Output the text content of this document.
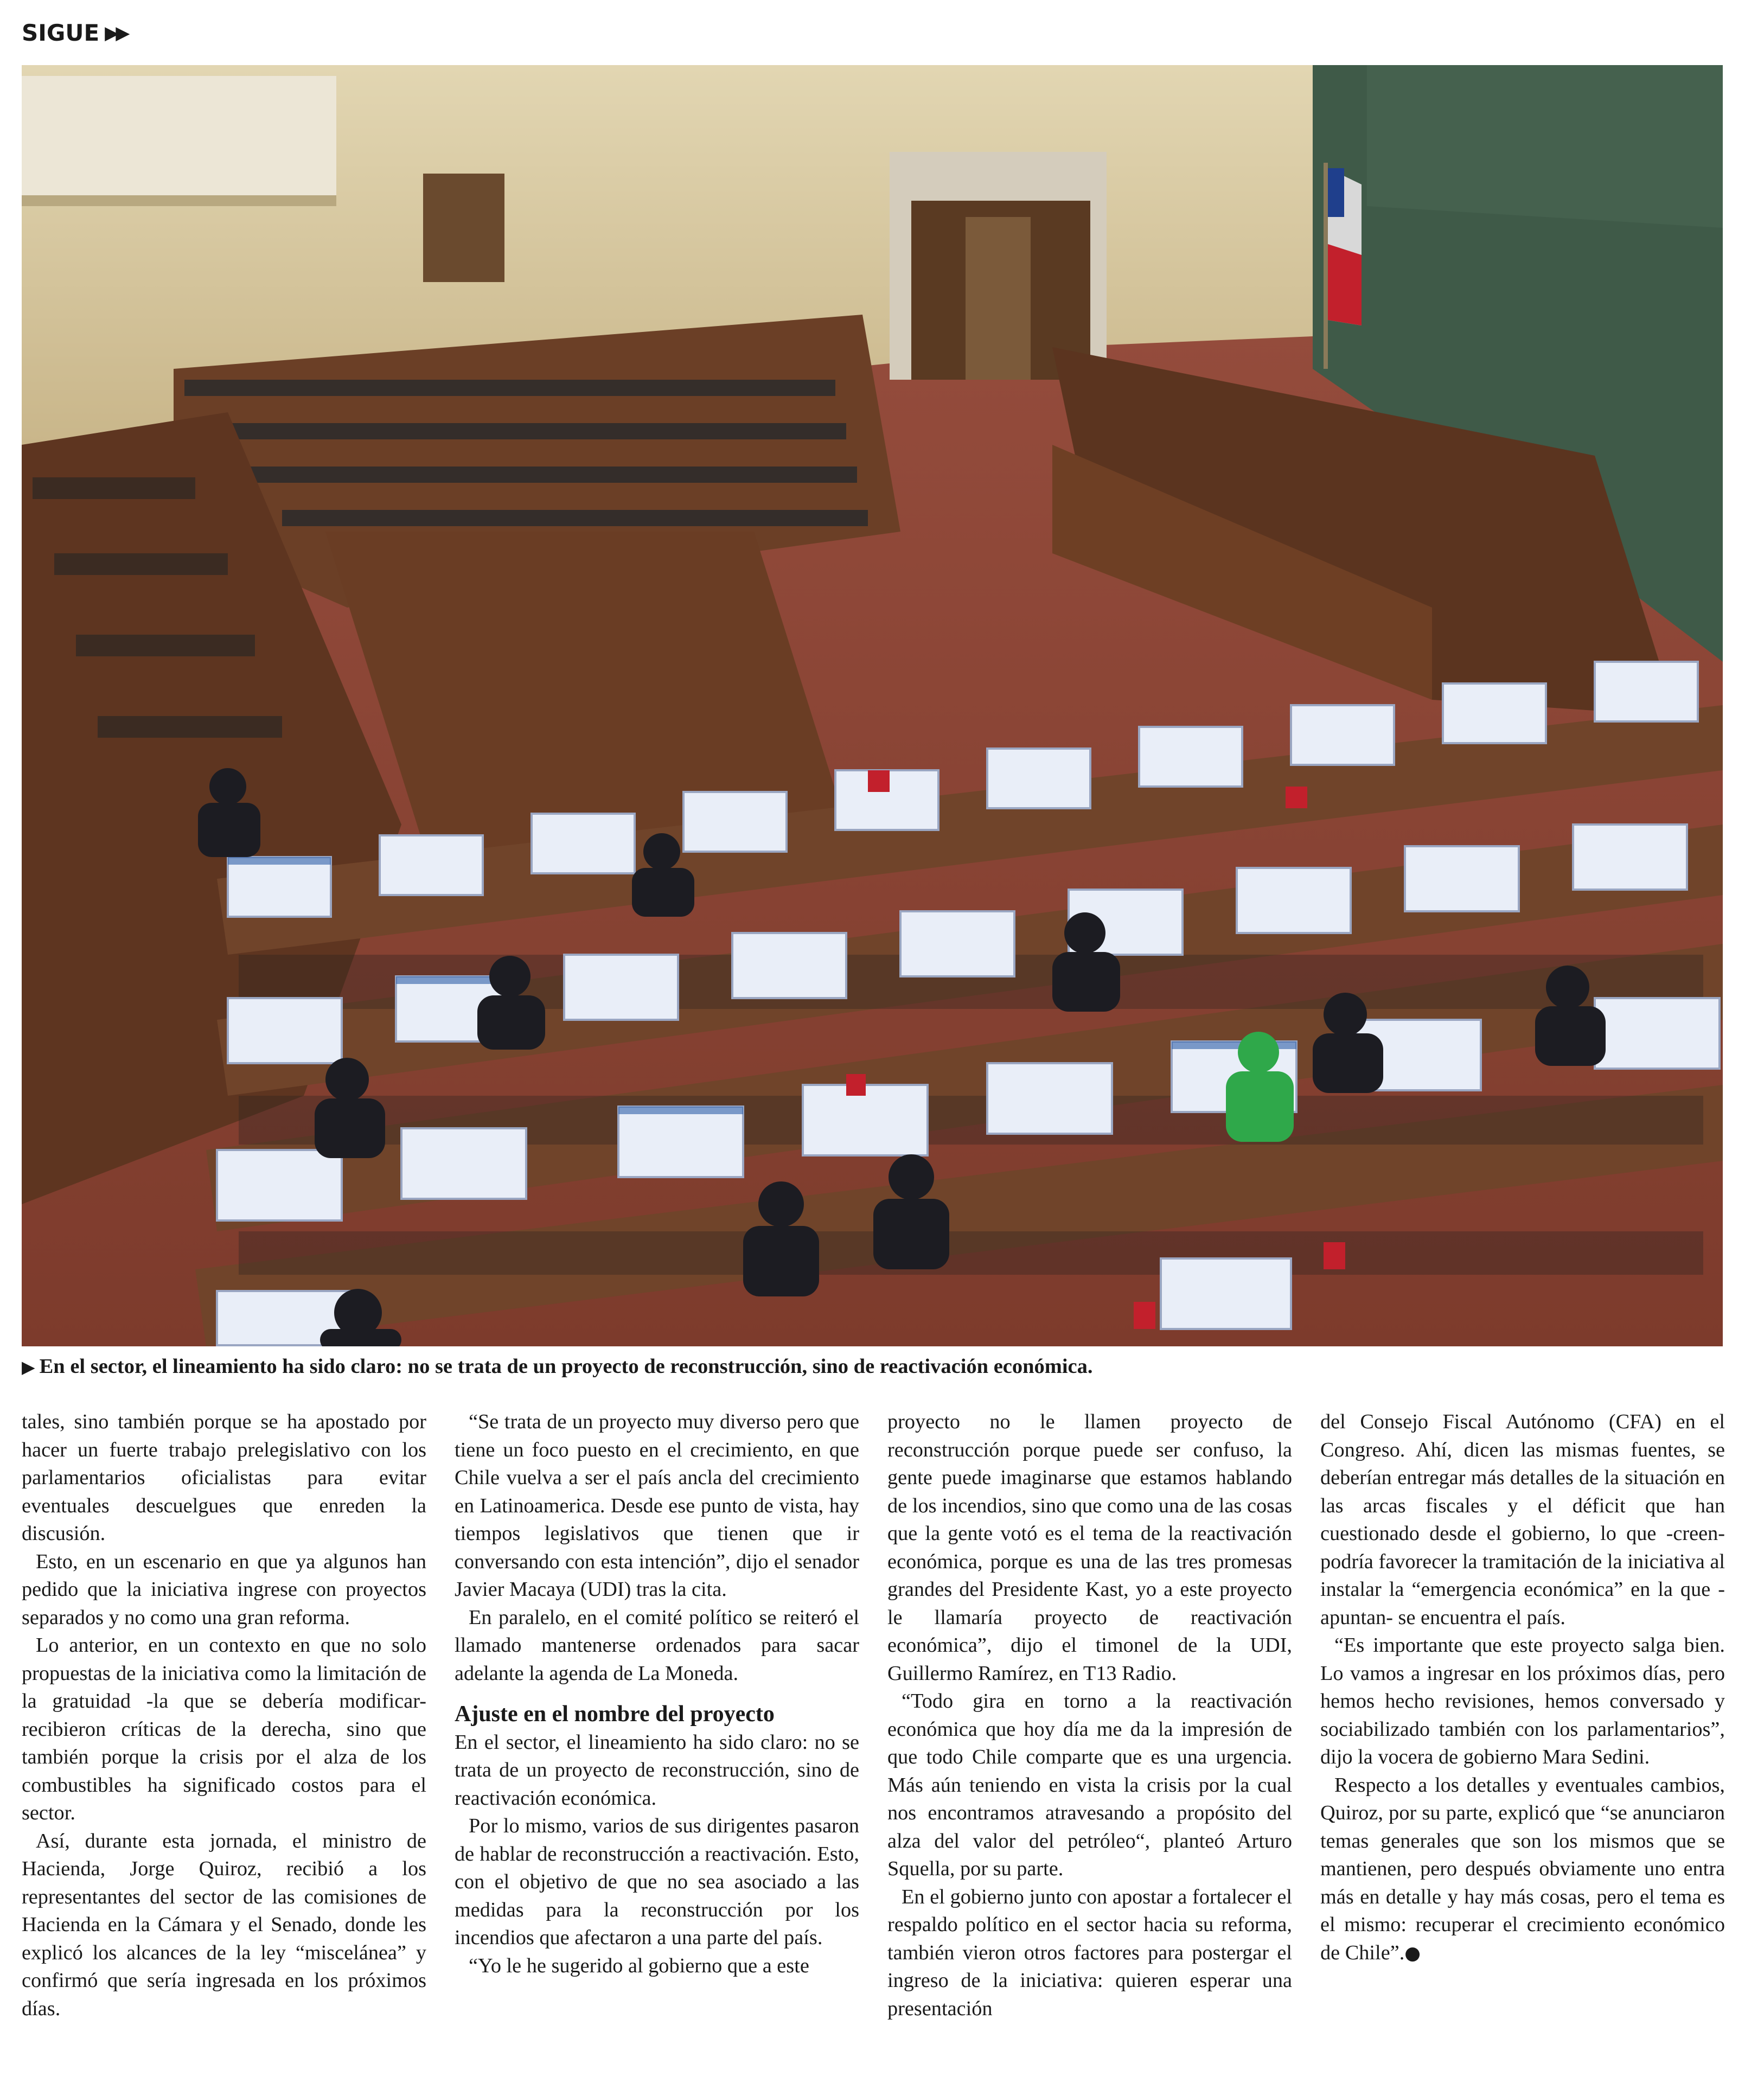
SIGUE ▶▶
▶ En el sector, el lineamiento ha sido claro: no se trata de un proyecto de reconstrucción, sino de reactivación económica.

tales, sino también porque se ha apostado por hacer un fuerte trabajo prelegislativo con los parlamentarios oficialistas para evitar eventuales descuelgues que enreden la discusión.

Esto, en un escenario en que ya algunos han pedido que la iniciativa ingrese con proyectos separados y no como una gran reforma.

Lo anterior, en un contexto en que no solo propuestas de la iniciativa como la limitación de la gratuidad -la que se debería modificar- recibieron críticas de la derecha, sino que también porque la crisis por el alza de los combustibles ha significado costos para el sector.

Así, durante esta jornada, el ministro de Hacienda, Jorge Quiroz, recibió a los representantes del sector de las comisiones de Hacienda en la Cámara y el Senado, donde les explicó los alcances de la ley “miscelánea” y confirmó que sería ingresada en los próximos días.

“Se trata de un proyecto muy diverso pero que tiene un foco puesto en el crecimiento, en que Chile vuelva a ser el país ancla del crecimiento en Latinoamerica. Desde ese punto de vista, hay tiempos legislativos que tienen que ir conversando con esta intención”, dijo el senador Javier Macaya (UDI) tras la cita.

En paralelo, en el comité político se reiteró el llamado mantenerse ordenados para sacar adelante la agenda de La Moneda.

Ajuste en el nombre del proyecto

En el sector, el lineamiento ha sido claro: no se trata de un proyecto de reconstrucción, sino de reactivación económica.

Por lo mismo, varios de sus dirigentes pasaron de hablar de reconstrucción a reactivación. Esto, con el objetivo de que no sea asociado a las medidas para la reconstrucción por los incendios que afectaron a una parte del país.

“Yo le he sugerido al gobierno que a este

proyecto no le llamen proyecto de reconstrucción porque puede ser confuso, la gente puede imaginarse que estamos hablando de los incendios, sino que como una de las cosas que la gente votó es el tema de la reactivación económica, porque es una de las tres promesas grandes del Presidente Kast, yo a este proyecto le llamaría proyecto de reactivación económica”, dijo el timonel de la UDI, Guillermo Ramírez, en T13 Radio.

“Todo gira en torno a la reactivación económica que hoy día me da la impresión de que todo Chile comparte que es una urgencia. Más aún teniendo en vista la crisis por la cual nos encontramos atravesando a propósito del alza del valor del petróleo“, planteó Arturo Squella, por su parte.

En el gobierno junto con apostar a fortalecer el respaldo político en el sector hacia su reforma, también vieron otros factores para postergar el ingreso de la iniciativa: quieren esperar una presentación

del Consejo Fiscal Autónomo (CFA) en el Congreso. Ahí, dicen las mismas fuentes, se deberían entregar más detalles de la situación en las arcas fiscales y el déficit que han cuestionado desde el gobierno, lo que -creen- podría favorecer la tramitación de la iniciativa al instalar la “emergencia económica” en la que -apuntan- se encuentra el país.

“Es importante que este proyecto salga bien. Lo vamos a ingresar en los próximos días, pero hemos hecho revisiones, hemos conversado y sociabilizado también con los parlamentarios”, dijo la vocera de gobierno Mara Sedini.

Respecto a los detalles y eventuales cambios, Quiroz, por su parte, explicó que “se anunciaron temas generales que son los mismos que se mantienen, pero después obviamente uno entra más en detalle y hay más cosas, pero el tema es el mismo: recuperar el crecimiento económico de Chile”.●
